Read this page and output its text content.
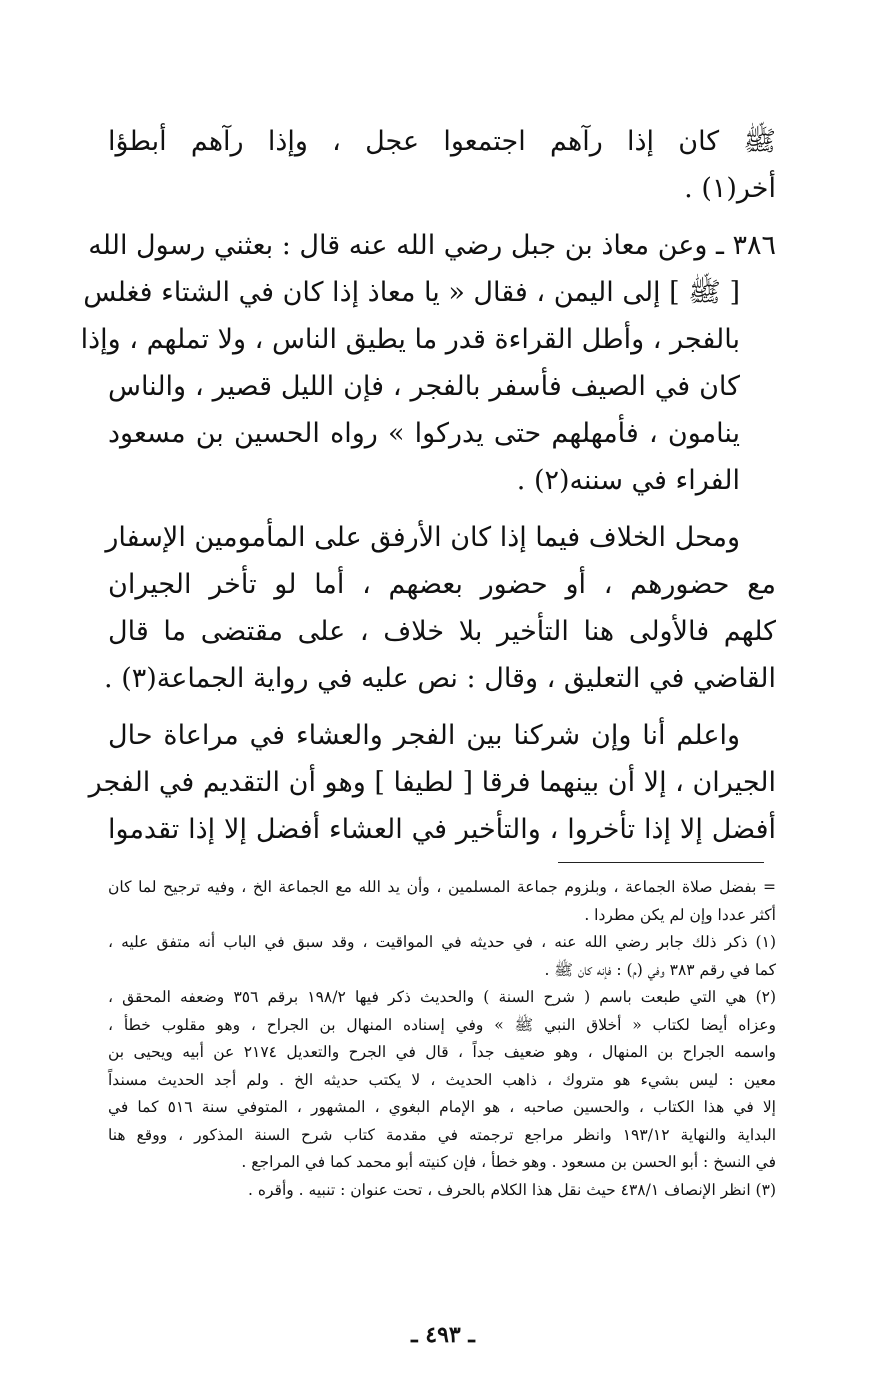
ﷺ كان إذا رآهم اجتمعوا عجل ، وإذا رآهم أبطؤا
أخر(١) .
٣٨٦ ـ وعن معاذ بن جبل رضي الله عنه قال : بعثني رسول الله
[ ﷺ ] إلى اليمن ، فقال « يا معاذ إذا كان في الشتاء فغلس
بالفجر ، وأطل القراءة قدر ما يطيق الناس ، ولا تملهم ، وإذا
كان في الصيف فأسفر بالفجر ، فإن الليل قصير ، والناس
ينامون ، فأمهلهم حتى يدركوا » رواه الحسين بن مسعود
الفراء في سننه(٢) .
ومحل الخلاف فيما إذا كان الأرفق على المأمومين الإسفار
مع حضورهم ، أو حضور بعضهم ، أما لو تأخر الجيران
كلهم فالأولى هنا التأخير بلا خلاف ، على مقتضى ما قال
القاضي في التعليق ، وقال : نص عليه في رواية الجماعة(٣) .
واعلم أنا وإن شركنا بين الفجر والعشاء في مراعاة حال
الجيران ، إلا أن بينهما فرقا [ لطيفا ] وهو أن التقديم في الفجر
أفضل إلا إذا تأخروا ، والتأخير في العشاء أفضل إلا إذا تقدموا
= بفضل صلاة الجماعة ، وبلزوم جماعة المسلمين ، وأن يد الله مع الجماعة الخ ، وفيه ترجيح لما كان
أكثر عددا وإن لم يكن مطردا .
(١) ذكر ذلك جابر رضي الله عنه ، في حديثه في المواقيت ، وقد سبق في الباب أنه متفق عليه ،
كما في رقم ٣٨٣ وفي (م) : فإنه كان ﷺ .
(٢) هي التي طبعت باسم ( شرح السنة ) والحديث ذكر فيها ١٩٨/٢ برقم ٣٥٦ وضعفه المحقق ،
وعزاه أيضا لكتاب « أخلاق النبي ﷺ » وفي إسناده المنهال بن الجراح ، وهو مقلوب خطأ ،
واسمه الجراح بن المنهال ، وهو ضعيف جداً ، قال في الجرح والتعديل ٢١٧٤ عن أبيه ويحيى بن
معين : ليس بشيء هو متروك ، ذاهب الحديث ، لا يكتب حديثه الخ . ولم أجد الحديث مسنداً
إلا في هذا الكتاب ، والحسين صاحبه ، هو الإمام البغوي ، المشهور ، المتوفي سنة ٥١٦ كما في
البداية والنهاية ١٩٣/١٢ وانظر مراجع ترجمته في مقدمة كتاب شرح السنة المذكور ، ووقع هنا
في النسخ : أبو الحسن بن مسعود . وهو خطأ ، فإن كنيته أبو محمد كما في المراجع .
(٣) انظر الإنصاف ٤٣٨/١ حيث نقل هذا الكلام بالحرف ، تحت عنوان : تنبيه . وأقره .
ـ ٤٩٣ ـ
